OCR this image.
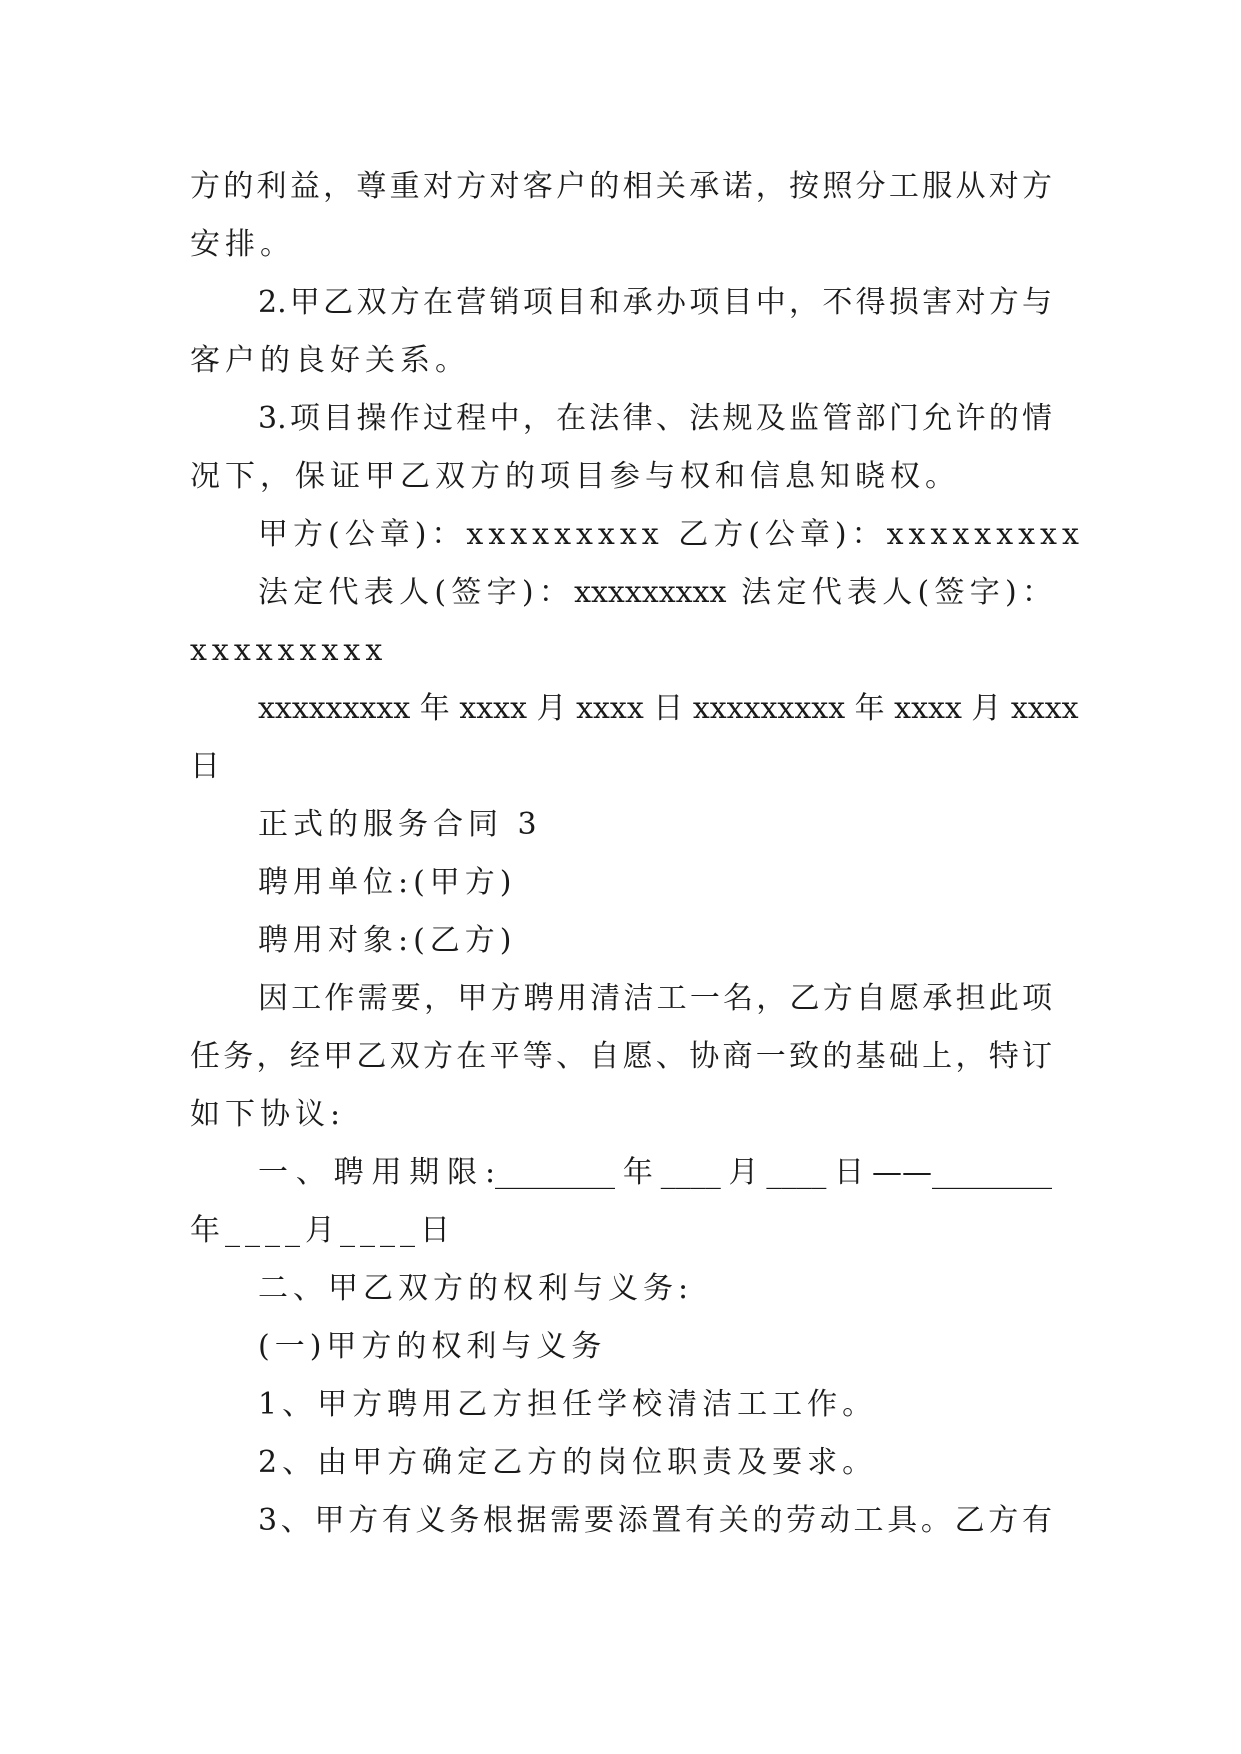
方的利益，尊重对方对客户的相关承诺，按照分工服从对方
安排。
2.甲乙双方在营销项目和承办项目中，不得损害对方与
客户的良好关系。
3.项目操作过程中，在法律、法规及监管部门允许的情
况下，保证甲乙双方的项目参与权和信息知晓权。
甲方(公章)：xxxxxxxxx 乙方(公章)：xxxxxxxxx
法定代表人(签字)：xxxxxxxxx 法定代表人(签字)：
xxxxxxxxx
xxxxxxxxx 年 xxxx 月 xxxx 日 xxxxxxxxx 年 xxxx 月 xxxx
日
正式的服务合同 3
聘用单位:(甲方)
聘用对象:(乙方)
因工作需要，甲方聘用清洁工一名，乙方自愿承担此项
任务，经甲乙双方在平等、自愿、协商一致的基础上，特订
如下协议:
一、聘用期限:________年____月____日——________
年____月____日
二、甲乙双方的权利与义务:
(一)甲方的权利与义务
1、甲方聘用乙方担任学校清洁工工作。
2、由甲方确定乙方的岗位职责及要求。
3、甲方有义务根据需要添置有关的劳动工具。乙方有
